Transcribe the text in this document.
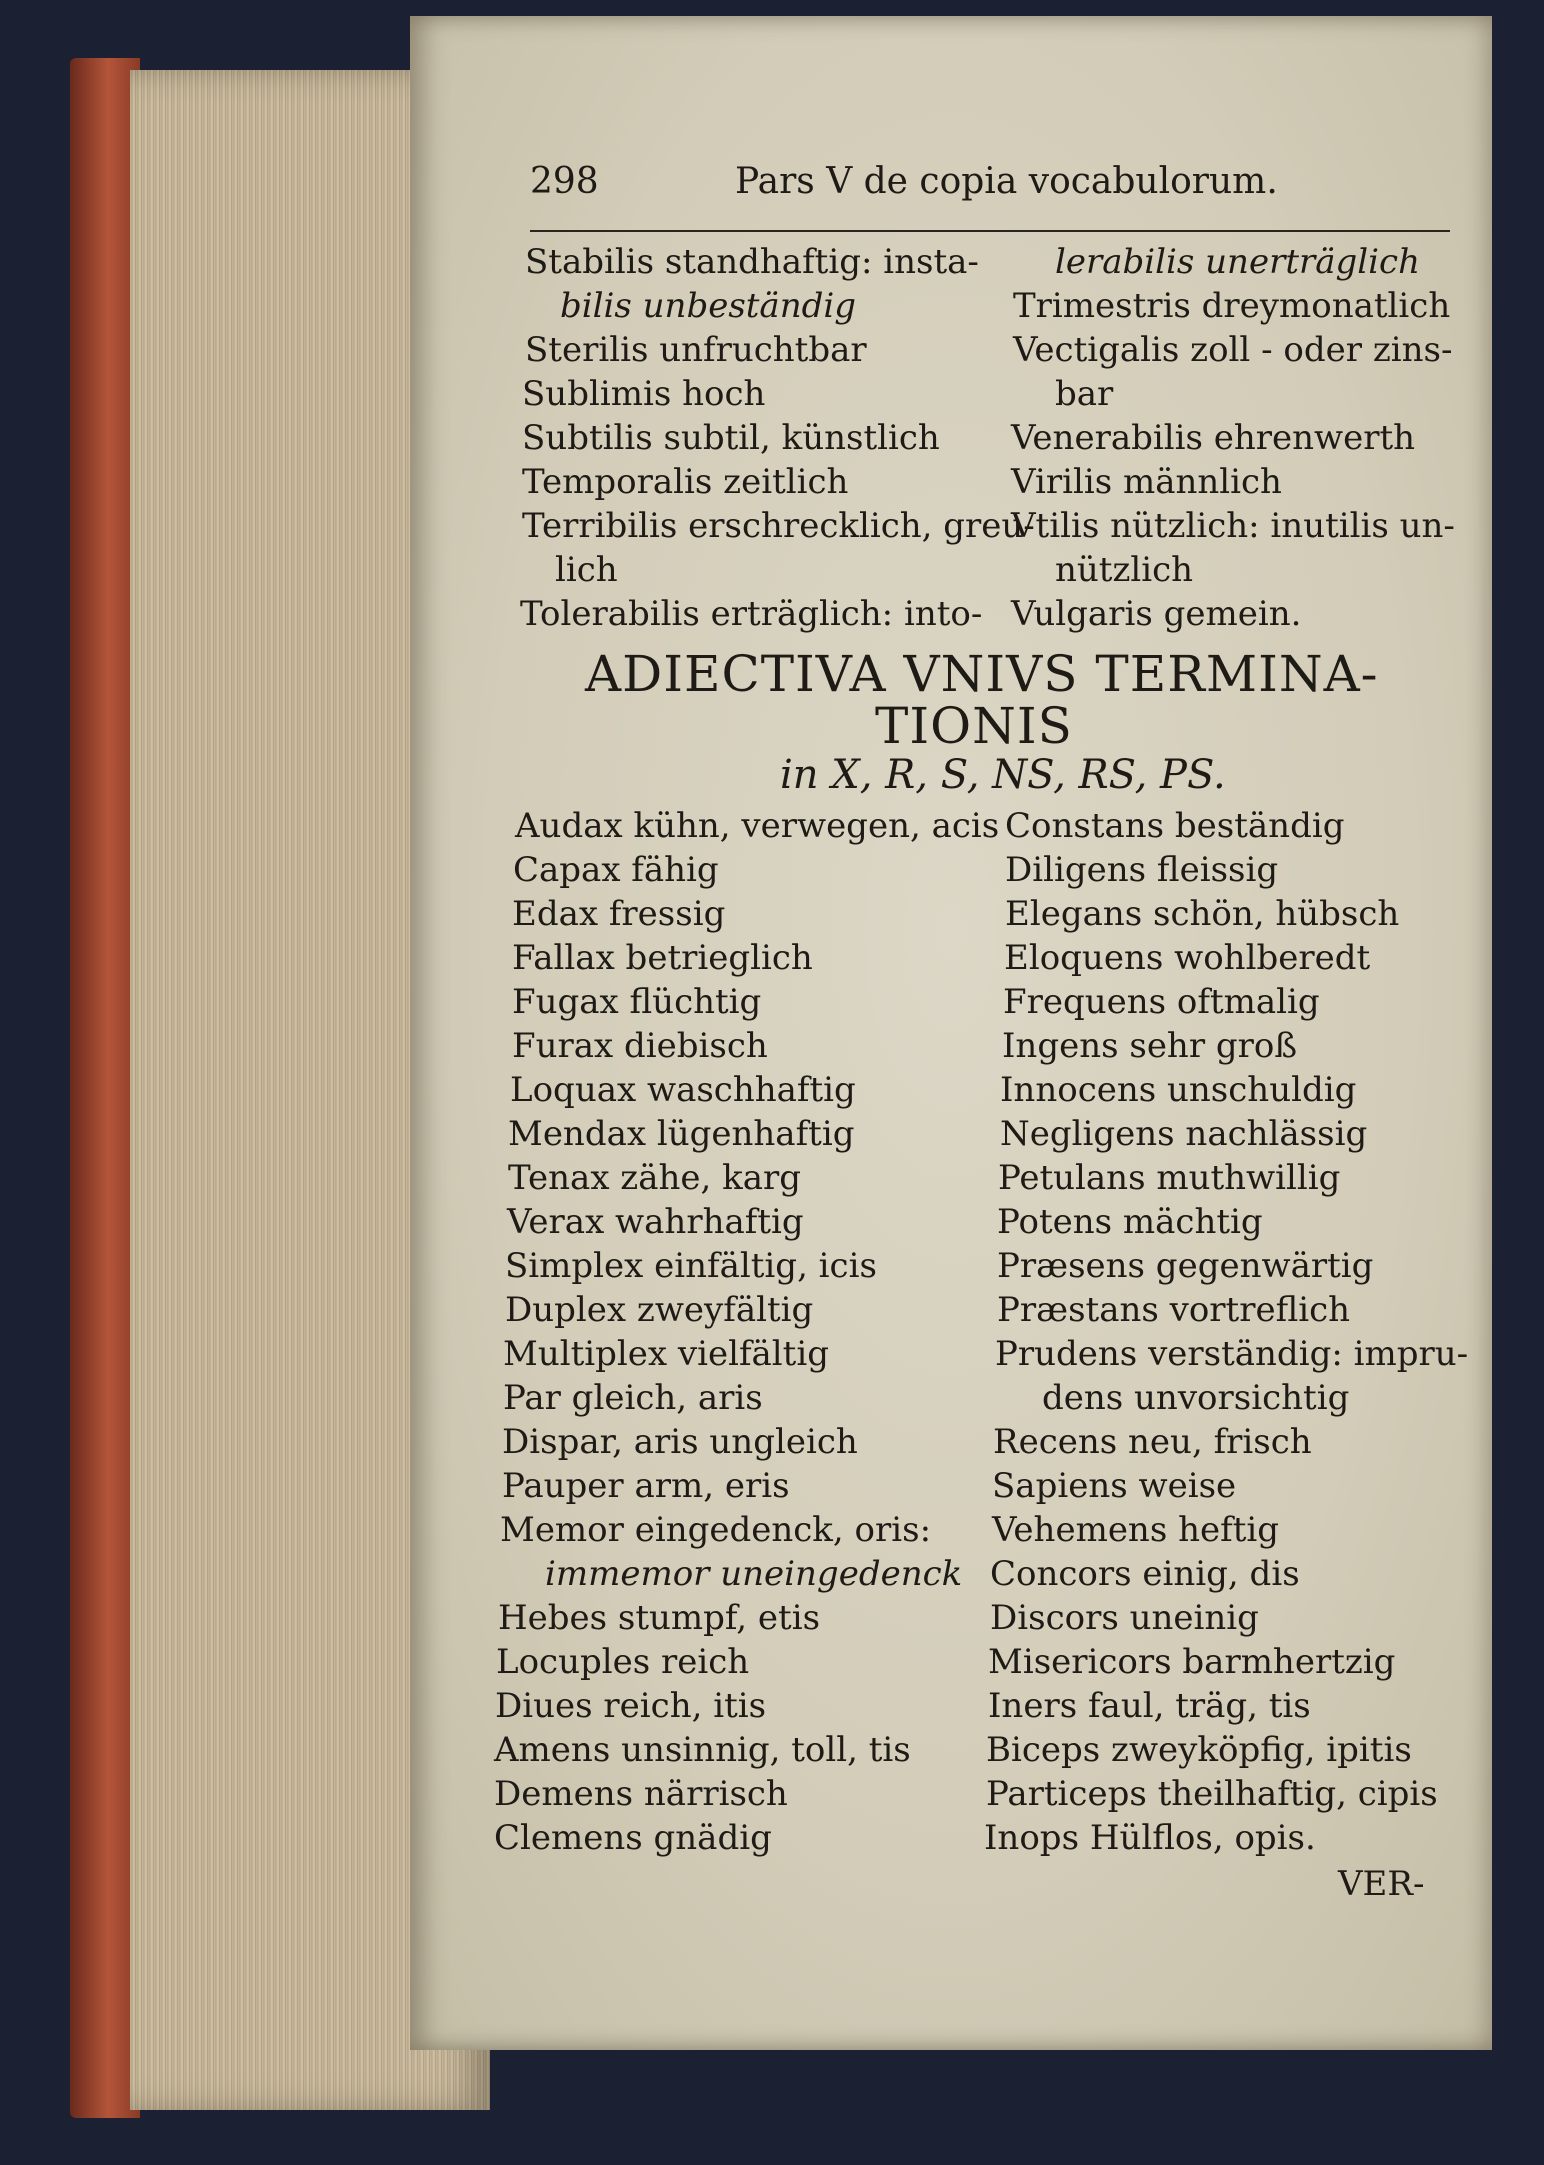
298	Pars V de copia vocabulorum.
Stabilis standhaftig: insta-
bilis unbeständig
Sterilis unfruchtbar
Sublimis hoch
Subtilis subtil, künstlich
Temporalis zeitlich
Terribilis erschrecklich, greu-
lich
Tolerabilis erträglich: into-
lerabilis unerträglich
Trimestris dreymonatlich
Vectigalis zoll - oder zins-
bar
Venerabilis ehrenwerth
Virilis männlich
Vtilis nützlich: inutilis un-
nützlich
Vulgaris gemein.
ADIECTIVA VNIVS TERMINA-
TIONIS
in X, R, S, NS, RS, PS.
Audax kühn, verwegen, acis
Capax fähig
Edax fressig
Fallax betrieglich
Fugax flüchtig
Furax diebisch
Loquax waschhaftig
Mendax lügenhaftig
Tenax zähe, karg
Verax wahrhaftig
Simplex einfältig, icis
Duplex zweyfältig
Multiplex vielfältig
Par gleich, aris
Dispar, aris ungleich
Pauper arm, eris
Memor eingedenck, oris:
immemor uneingedenck
Hebes stumpf, etis
Locuples reich
Diues reich, itis
Amens unsinnig, toll, tis
Demens närrisch
Clemens gnädig
Constans beständig
Diligens fleissig
Elegans schön, hübsch
Eloquens wohlberedt
Frequens oftmalig
Ingens sehr groß
Innocens unschuldig
Negligens nachlässig
Petulans muthwillig
Potens mächtig
Præsens gegenwärtig
Præstans vortreflich
Prudens verständig: impru-
dens unvorsichtig
Recens neu, frisch
Sapiens weise
Vehemens heftig
Concors einig, dis
Discors uneinig
Misericors barmhertzig
Iners faul, träg, tis
Biceps zweyköpfig, ipitis
Particeps theilhaftig, cipis
Inops Hülflos, opis.
VER-
